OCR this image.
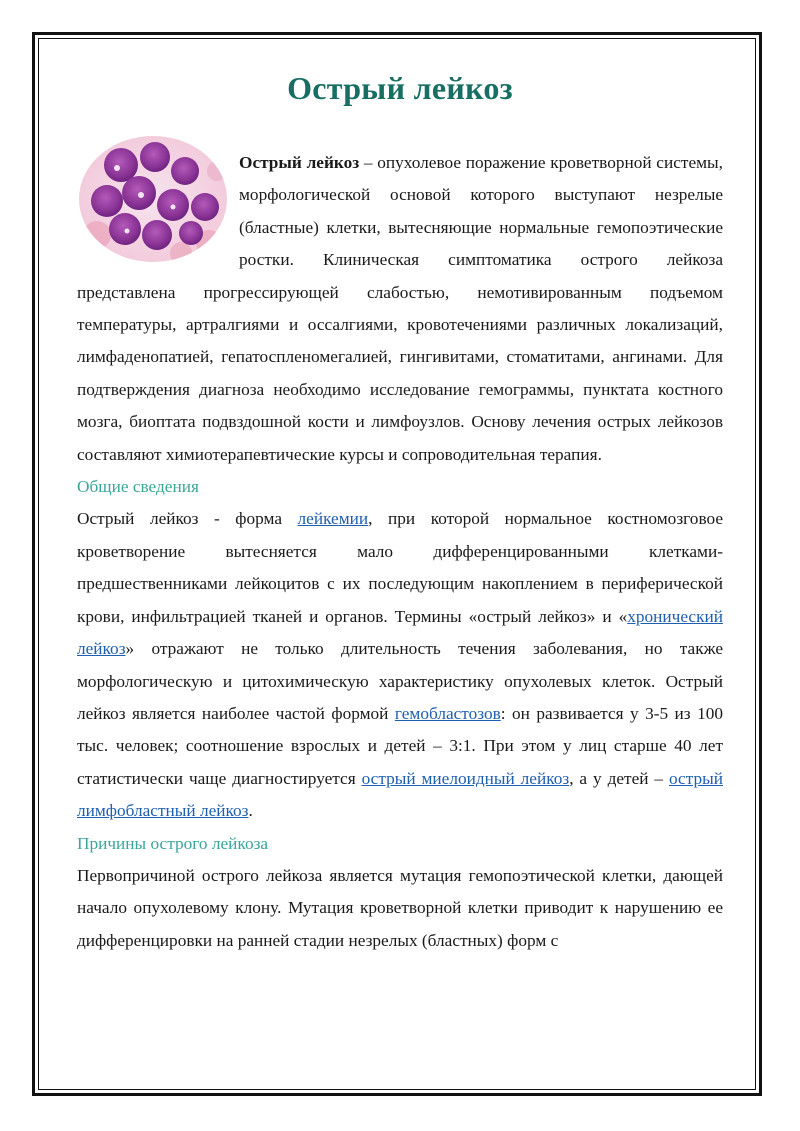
Острый лейкоз

Острый лейкоз – опухолевое поражение кроветворной системы, морфологической основой которого выступают незрелые (бластные) клетки, вытесняющие нормальные гемопоэтические ростки. Клиническая симптоматика острого лейкоза представлена прогрессирующей слабостью, немотивированным подъемом температуры, артралгиями и оссалгиями, кровотечениями различных локализаций, лимфаденопатией, гепатоспленомегалией, гингивитами, стоматитами, ангинами. Для подтверждения диагноза необходимо исследование гемограммы, пунктата костного мозга, биоптата подвздошной кости и лимфоузлов. Основу лечения острых лейкозов составляют химиотерапевтические курсы и сопроводительная терапия.

Общие сведения

Острый лейкоз - форма лейкемии, при которой нормальное костномозговое кроветворение вытесняется мало дифференцированными клетками-предшественниками лейкоцитов с их последующим накоплением в периферической крови, инфильтрацией тканей и органов. Термины «острый лейкоз» и «хронический лейкоз» отражают не только длительность течения заболевания, но также морфологическую и цитохимическую характеристику опухолевых клеток. Острый лейкоз является наиболее частой формой гемобластозов: он развивается у 3-5 из 100 тыс. человек; соотношение взрослых и детей – 3:1. При этом у лиц старше 40 лет статистически чаще диагностируется острый миелоидный лейкоз, а у детей – острый лимфобластный лейкоз.

Причины острого лейкоза

Первопричиной острого лейкоза является мутация гемопоэтической клетки, дающей начало опухолевому клону. Мутация кроветворной клетки приводит к нарушению ее дифференцировки на ранней стадии незрелых (бластных) форм с
